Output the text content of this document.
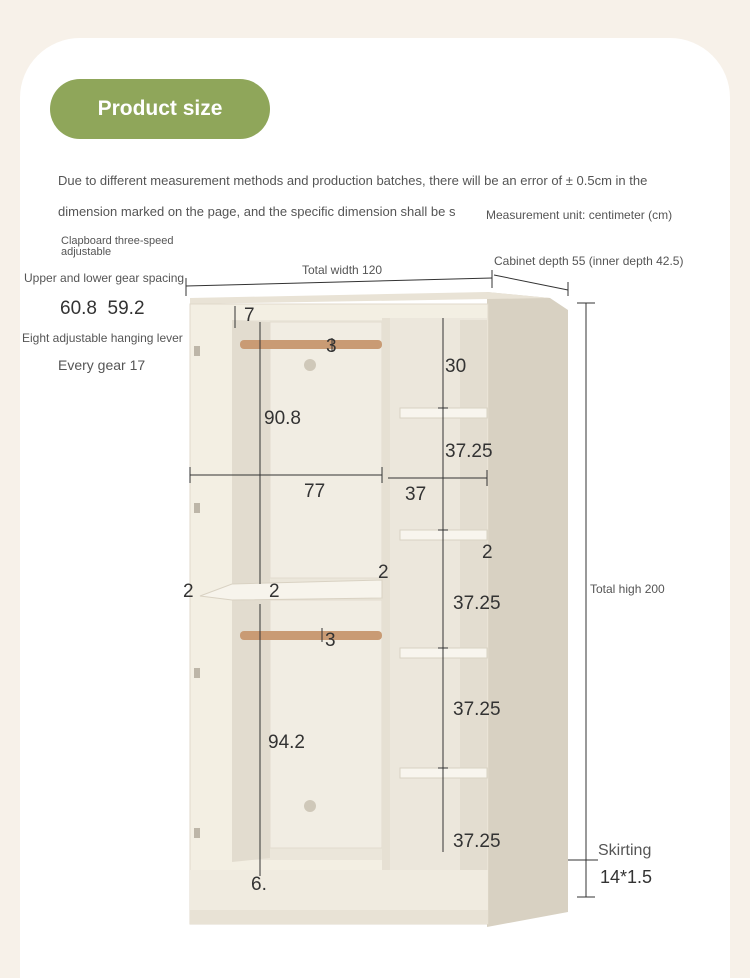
Product size
Due to different measurement methods and production batches, there will be an error of ± 0.5cm in the
dimension marked on the page, and the specific dimension shall be s	Measurement unit: centimeter (cm)
Clapboard three-speed
adjustable
Upper and lower gear spacing
60.8  59.2
Eight adjustable hanging lever
Every gear 17
Total width 120
Cabinet depth 55 (inner depth 42.5)
Total high 200
Skirting
14*1.5
7
3
90.8
77	37
30
37.25
2
37.25
37.25
37.25
2	2
2
3
94.2
6.
